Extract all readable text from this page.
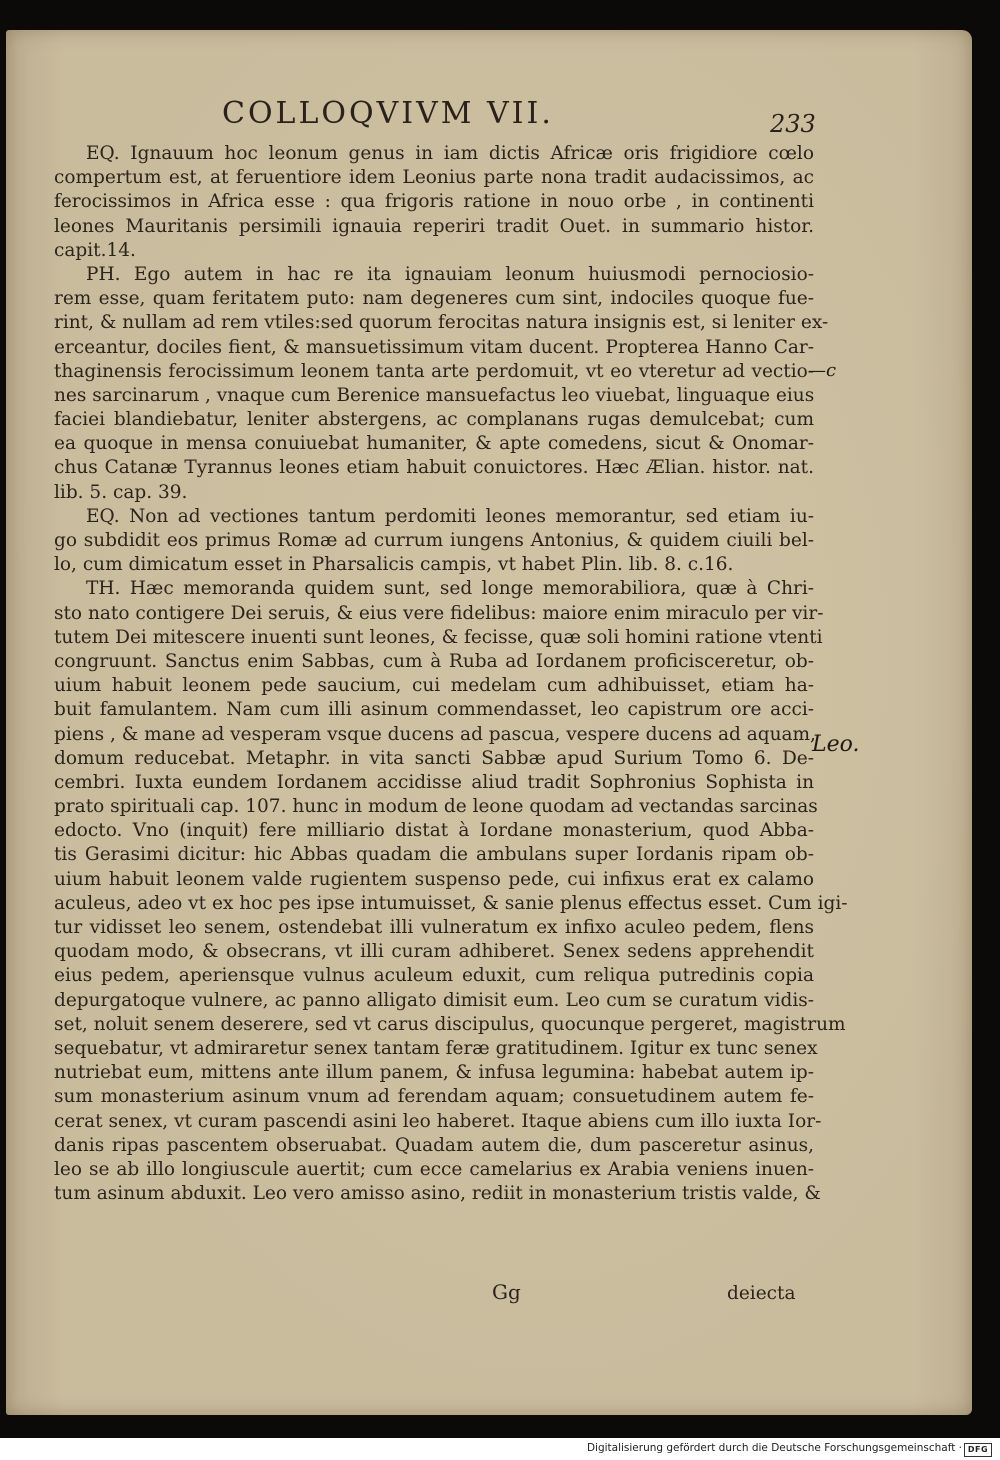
COLLOQVIVM VII.	233
EQ. Ignauum hoc leonum genus in iam dictis Africæ oris frigidiore cœlo
compertum est, at feruentiore idem Leonius parte nona tradit audacissimos, ac
ferocissimos in Africa esse : qua frigoris ratione in nouo orbe , in continenti
leones Mauritanis persimili ignauia reperiri tradit Ouet. in summario histor.
capit.14.
PH. Ego autem in hac re ita ignauiam leonum huiusmodi pernociosio-
rem esse, quam feritatem puto: nam degeneres cum sint, indociles quoque fue-
rint, & nullam ad rem vtiles:sed quorum ferocitas natura insignis est, si leniter ex-
erceantur, dociles fient, & mansuetissimum vitam ducent. Propterea Hanno Car-
thaginensis ferocissimum leonem tanta arte perdomuit, vt eo vteretur ad vectio-
nes sarcinarum , vnaque cum Berenice mansuefactus leo viuebat, linguaque eius
faciei blandiebatur, leniter abstergens, ac complanans rugas demulcebat; cum
ea quoque in mensa conuiuebat humaniter, & apte comedens, sicut & Onomar-
chus Catanæ Tyrannus leones etiam habuit conuictores. Hæc Ælian. histor. nat.
lib. 5. cap. 39.
EQ. Non ad vectiones tantum perdomiti leones memorantur, sed etiam iu-
go subdidit eos primus Romæ ad currum iungens Antonius, & quidem ciuili bel-
lo, cum dimicatum esset in Pharsalicis campis, vt habet Plin. lib. 8. c.16.
TH. Hæc memoranda quidem sunt, sed longe memorabiliora, quæ à Chri-
sto nato contigere Dei seruis, & eius vere fidelibus: maiore enim miraculo per vir-
tutem Dei mitescere inuenti sunt leones, & fecisse, quæ soli homini ratione vtenti
congruunt. Sanctus enim Sabbas, cum à Ruba ad Iordanem proficisceretur, ob-
uium habuit leonem pede saucium, cui medelam cum adhibuisset, etiam ha-
buit famulantem. Nam cum illi asinum commendasset, leo capistrum ore acci-
piens , & mane ad vesperam vsque ducens ad pascua, vespere ducens ad aquam,
domum reducebat. Metaphr. in vita sancti Sabbæ apud Surium Tomo 6. De-
cembri. Iuxta eundem Iordanem accidisse aliud tradit Sophronius Sophista in
prato spirituali cap. 107. hunc in modum de leone quodam ad vectandas sarcinas
edocto. Vno (inquit) fere milliario distat à Iordane monasterium, quod Abba-
tis Gerasimi dicitur: hic Abbas quadam die ambulans super Iordanis ripam ob-
uium habuit leonem valde rugientem suspenso pede, cui infixus erat ex calamo
aculeus, adeo vt ex hoc pes ipse intumuisset, & sanie plenus effectus esset. Cum igi-
tur vidisset leo senem, ostendebat illi vulneratum ex infixo aculeo pedem, flens
quodam modo, & obsecrans, vt illi curam adhiberet. Senex sedens apprehendit
eius pedem, aperiensque vulnus aculeum eduxit, cum reliqua putredinis copia
depurgatoque vulnere, ac panno alligato dimisit eum. Leo cum se curatum vidis-
set, noluit senem deserere, sed vt carus discipulus, quocunque pergeret, magistrum
sequebatur, vt admiraretur senex tantam feræ gratitudinem. Igitur ex tunc senex
nutriebat eum, mittens ante illum panem, & infusa legumina: habebat autem ip-
sum monasterium asinum vnum ad ferendam aquam; consuetudinem autem fe-
cerat senex, vt curam pascendi asini leo haberet. Itaque abiens cum illo iuxta Ior-
danis ripas pascentem obseruabat. Quadam autem die, dum pasceretur asinus,
leo se ab illo longiuscule auertit; cum ecce camelarius ex Arabia veniens inuen-
tum asinum abduxit. Leo vero amisso asino, rediit in monasterium tristis valde, &
—c
Leo.
Gg	deiecta
Digitalisierung gefördert durch die Deutsche Forschungsgemeinschaft · DFG
